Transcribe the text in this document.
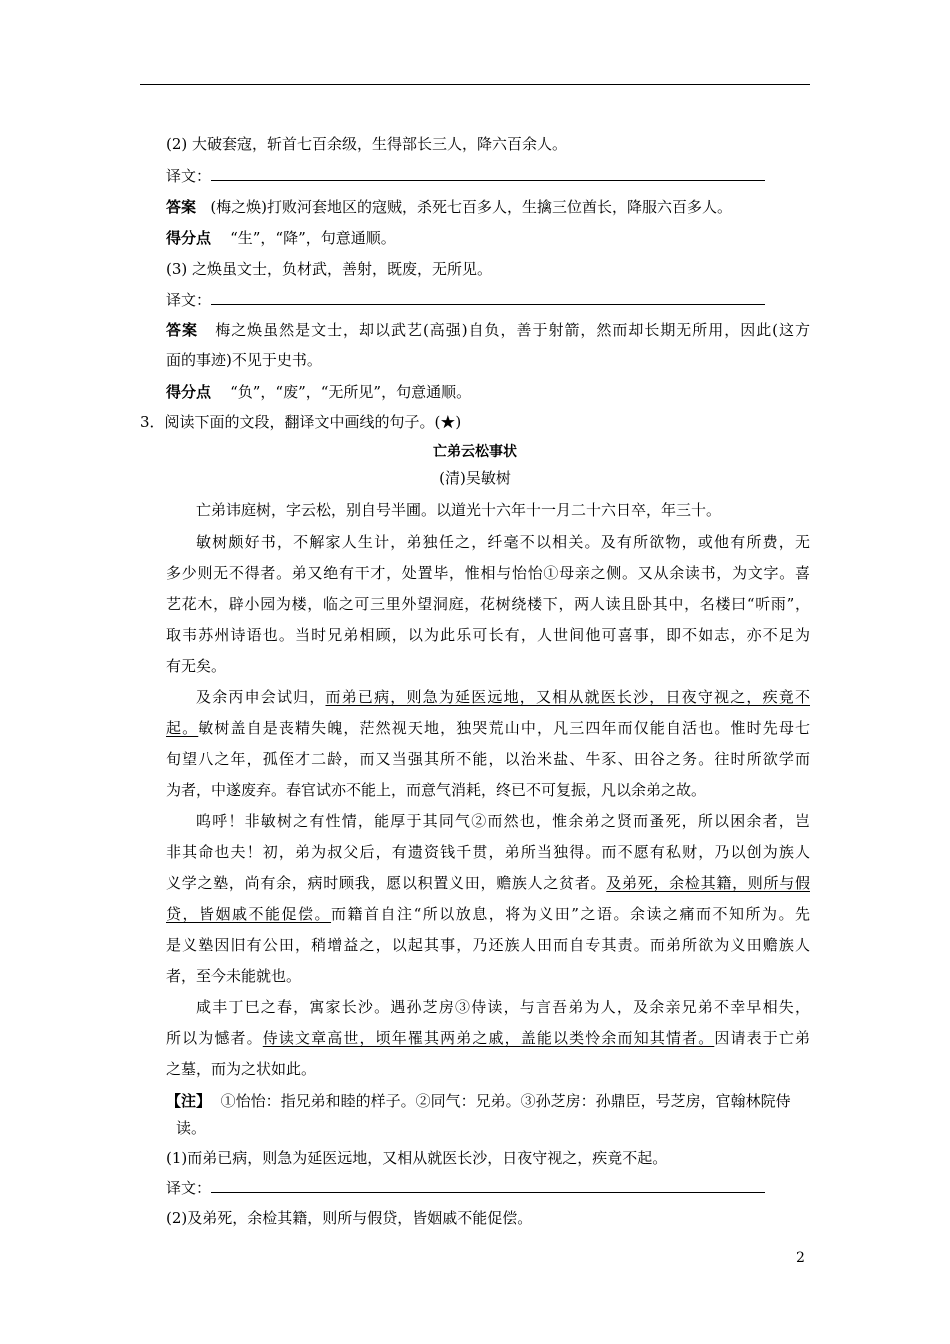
(2) 大破套寇，斩首七百余级，生得部长三人，降六百余人。
译文：
答案 (梅之焕)打败河套地区的寇贼，杀死七百多人，生擒三位酋长，降服六百多人。
得分点 “生”，“降”，句意通顺。
(3) 之焕虽文士，负材武，善射，既废，无所见。
译文：
答案 梅之焕虽然是文士，却以武艺(高强)自负，善于射箭，然而却长期无所用，因此(这方
面的事迹)不见于史书。
得分点 “负”，“废”，“无所见”，句意通顺。
3．阅读下面的文段，翻译文中画线的句子。(★)
亡弟云松事状
(清)吴敏树
亡弟讳庭树，字云松，别自号半圃。以道光十六年十一月二十六日卒，年三十。
敏树颇好书，不解家人生计，弟独任之，纤毫不以相关。及有所欲物，或他有所费，无
多少则无不得者。弟又绝有干才，处置毕，惟相与怡怡①母亲之侧。又从余读书，为文字。喜
艺花木，辟小园为楼，临之可三里外望洞庭，花树绕楼下，两人读且卧其中，名楼曰“听雨”，
取韦苏州诗语也。当时兄弟相顾，以为此乐可长有，人世间他可喜事，即不如志，亦不足为
有无矣。
及余丙申会试归，而弟已病，则急为延医远地，又相从就医长沙，日夜守视之，疾竟不
起。敏树盖自是丧精失魄，茫然视天地，独哭荒山中，凡三四年而仅能自活也。惟时先母七
旬望八之年，孤侄才二龄，而又当强其所不能，以治米盐、牛豕、田谷之务。往时所欲学而
为者，中遂废弃。春官试亦不能上，而意气消耗，终已不可复振，凡以余弟之故。
呜呼！非敏树之有性情，能厚于其同气②而然也，惟余弟之贤而蚤死，所以困余者，岂
非其命也夫！初，弟为叔父后，有遗资钱千贯，弟所当独得。而不愿有私财，乃以创为族人
义学之塾，尚有余，病时顾我，愿以积置义田，赡族人之贫者。及弟死，余检其籍，则所与假
贷，皆姻戚不能促偿。而籍首自注“所以放息，将为义田”之语。余读之痛而不知所为。先
是义塾因旧有公田，稍增益之，以起其事，乃还族人田而自专其责。而弟所欲为义田赡族人
者，至今未能就也。
咸丰丁巳之春，寓家长沙。遇孙芝房③侍读，与言吾弟为人，及余亲兄弟不幸早相失，
所以为憾者。侍读文章高世，顷年罹其两弟之戚，盖能以类怜余而知其情者。因请表于亡弟
之墓，而为之状如此。
【注】 ①怡怡：指兄弟和睦的样子。②同气：兄弟。③孙芝房：孙鼎臣，号芝房，官翰林院侍
读。
(1)而弟已病，则急为延医远地，又相从就医长沙，日夜守视之，疾竟不起。
译文：
(2)及弟死，余检其籍，则所与假贷，皆姻戚不能促偿。
2
